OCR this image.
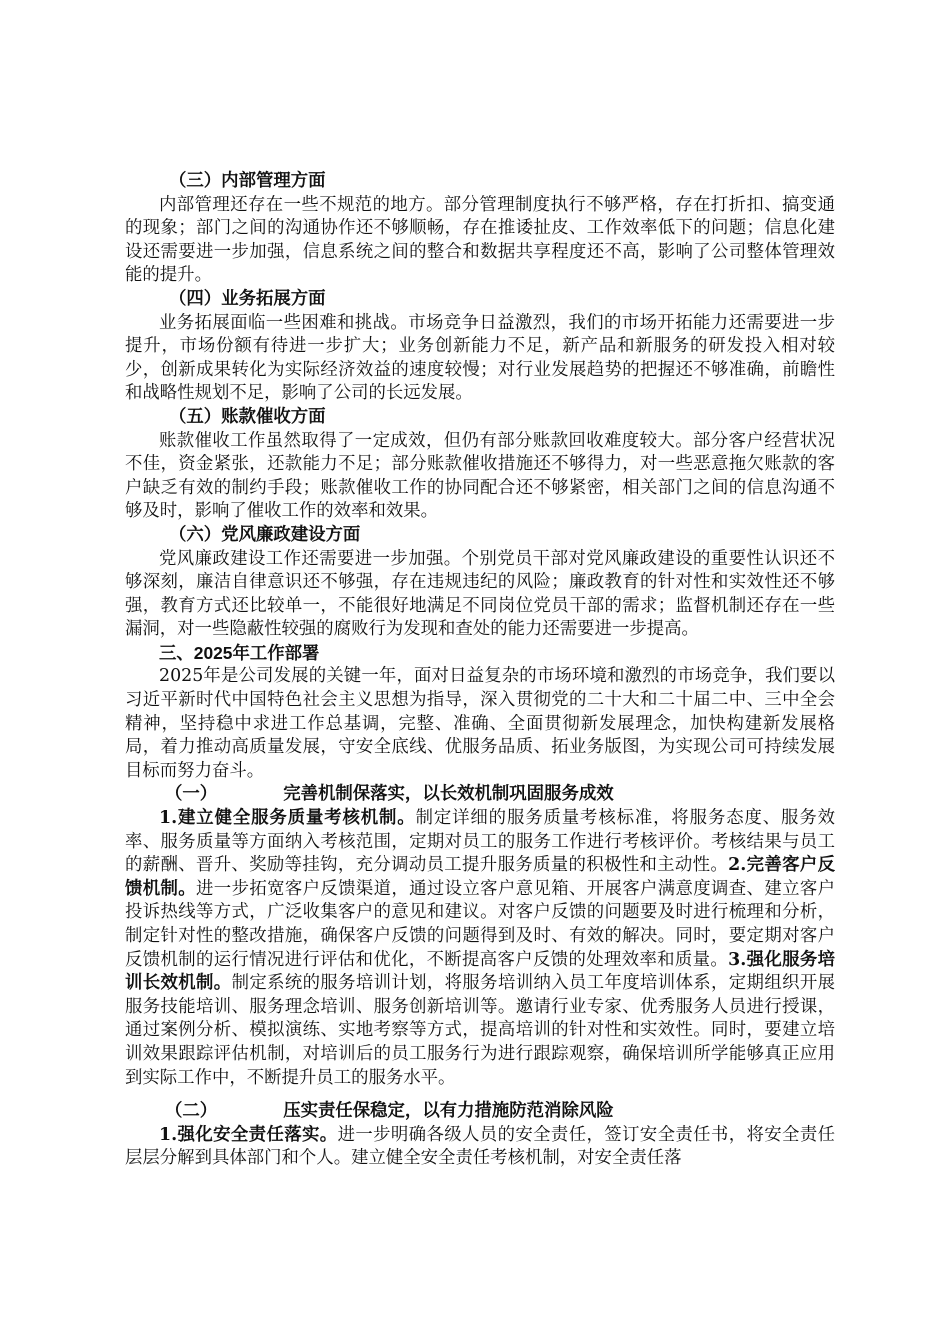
（三）内部管理方面

内部管理还存在一些不规范的地方。部分管理制度执行不够严格，存在打折扣、搞变通的现象；部门之间的沟通协作还不够顺畅，存在推诿扯皮、工作效率低下的问题；信息化建设还需要进一步加强，信息系统之间的整合和数据共享程度还不高，影响了公司整体管理效能的提升。

（四）业务拓展方面

业务拓展面临一些困难和挑战。市场竞争日益激烈，我们的市场开拓能力还需要进一步提升，市场份额有待进一步扩大；业务创新能力不足，新产品和新服务的研发投入相对较少，创新成果转化为实际经济效益的速度较慢；对行业发展趋势的把握还不够准确，前瞻性和战略性规划不足，影响了公司的长远发展。

（五）账款催收方面

账款催收工作虽然取得了一定成效，但仍有部分账款回收难度较大。部分客户经营状况不佳，资金紧张，还款能力不足；部分账款催收措施还不够得力，对一些恶意拖欠账款的客户缺乏有效的制约手段；账款催收工作的协同配合还不够紧密，相关部门之间的信息沟通不够及时，影响了催收工作的效率和效果。

（六）党风廉政建设方面

党风廉政建设工作还需要进一步加强。个别党员干部对党风廉政建设的重要性认识还不够深刻，廉洁自律意识还不够强，存在违规违纪的风险；廉政教育的针对性和实效性还不够强，教育方式还比较单一，不能很好地满足不同岗位党员干部的需求；监督机制还存在一些漏洞，对一些隐蔽性较强的腐败行为发现和查处的能力还需要进一步提高。

三、2025年工作部署

2025年是公司发展的关键一年，面对日益复杂的市场环境和激烈的市场竞争，我们要以习近平新时代中国特色社会主义思想为指导，深入贯彻党的二十大和二十届二中、三中全会精神，坚持稳中求进工作总基调，完整、准确、全面贯彻新发展理念，加快构建新发展格局，着力推动高质量发展，守安全底线、优服务品质、拓业务版图，为实现公司可持续发展目标而努力奋斗。

（一）	完善机制保落实，以长效机制巩固服务成效

1.建立健全服务质量考核机制。制定详细的服务质量考核标准，将服务态度、服务效率、服务质量等方面纳入考核范围，定期对员工的服务工作进行考核评价。考核结果与员工的薪酬、晋升、奖励等挂钩，充分调动员工提升服务质量的积极性和主动性。2.完善客户反馈机制。进一步拓宽客户反馈渠道，通过设立客户意见箱、开展客户满意度调查、建立客户投诉热线等方式，广泛收集客户的意见和建议。对客户反馈的问题要及时进行梳理和分析，制定针对性的整改措施，确保客户反馈的问题得到及时、有效的解决。同时，要定期对客户反馈机制的运行情况进行评估和优化，不断提高客户反馈的处理效率和质量。3.强化服务培训长效机制。制定系统的服务培训计划，将服务培训纳入员工年度培训体系，定期组织开展服务技能培训、服务理念培训、服务创新培训等。邀请行业专家、优秀服务人员进行授课，通过案例分析、模拟演练、实地考察等方式，提高培训的针对性和实效性。同时，要建立培训效果跟踪评估机制，对培训后的员工服务行为进行跟踪观察，确保培训所学能够真正应用到实际工作中，不断提升员工的服务水平。

（二）	压实责任保稳定，以有力措施防范消除风险

1.强化安全责任落实。进一步明确各级人员的安全责任，签订安全责任书，将安全责任层层分解到具体部门和个人。建立健全安全责任考核机制，对安全责任落
